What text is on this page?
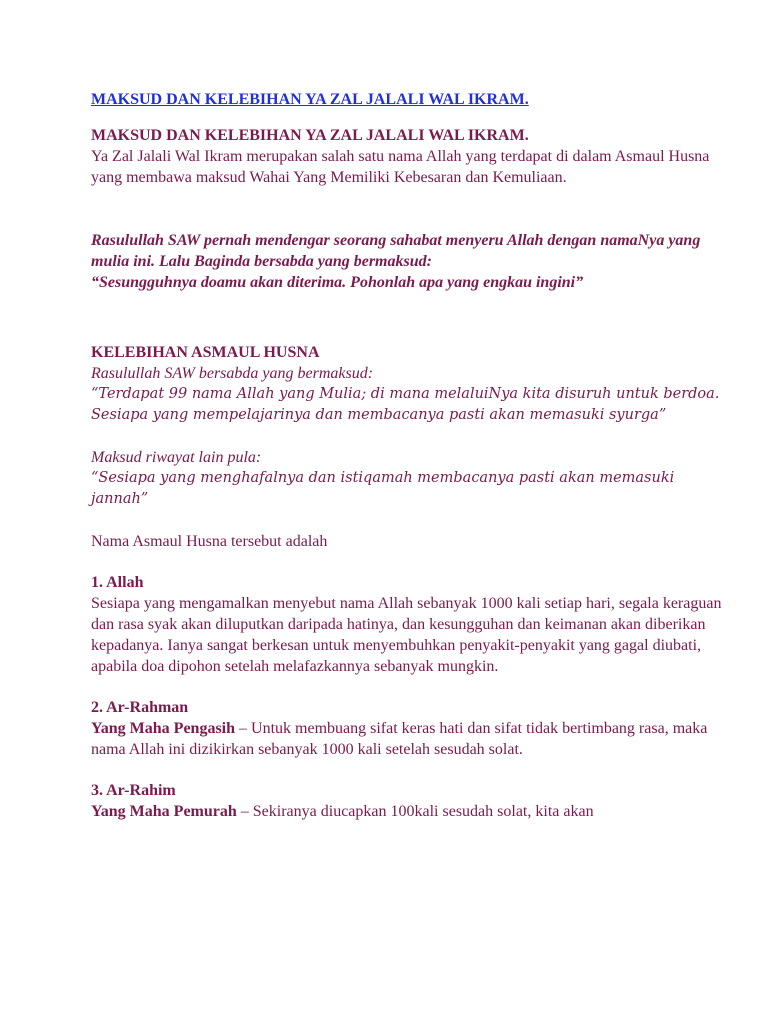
MAKSUD DAN KELEBIHAN YA ZAL JALALI WAL IKRAM.

MAKSUD DAN KELEBIHAN YA ZAL JALALI WAL IKRAM.

Ya Zal Jalali Wal Ikram merupakan salah satu nama Allah yang terdapat di dalam Asmaul Husna yang membawa maksud Wahai Yang Memiliki Kebesaran dan Kemuliaan.

Rasulullah SAW pernah mendengar seorang sahabat menyeru Allah dengan namaNya yang mulia ini. Lalu Baginda bersabda yang bermaksud:

“Sesungguhnya doamu akan diterima. Pohonlah apa yang engkau ingini”

KELEBIHAN ASMAUL HUSNA

Rasulullah SAW bersabda yang bermaksud:

“Terdapat 99 nama Allah yang Mulia; di mana melaluiNya kita disuruh untuk berdoa. Sesiapa yang mempelajarinya dan membacanya pasti akan memasuki syurga”

Maksud riwayat lain pula:

“Sesiapa yang menghafalnya dan istiqamah membacanya pasti akan memasuki jannah”

Nama Asmaul Husna tersebut adalah

1. Allah

Sesiapa yang mengamalkan menyebut nama Allah sebanyak 1000 kali setiap hari, segala keraguan dan rasa syak akan diluputkan daripada hatinya, dan kesungguhan dan keimanan akan diberikan kepadanya. Ianya sangat berkesan untuk menyembuhkan penyakit-penyakit yang gagal diubati, apabila doa dipohon setelah melafazkannya sebanyak mungkin.

2. Ar-Rahman

Yang Maha Pengasih – Untuk membuang sifat keras hati dan sifat tidak bertimbang rasa, maka nama Allah ini dizikirkan sebanyak 1000 kali setelah sesudah solat.

3. Ar-Rahim

Yang Maha Pemurah – Sekiranya diucapkan 100kali sesudah solat, kita akan
